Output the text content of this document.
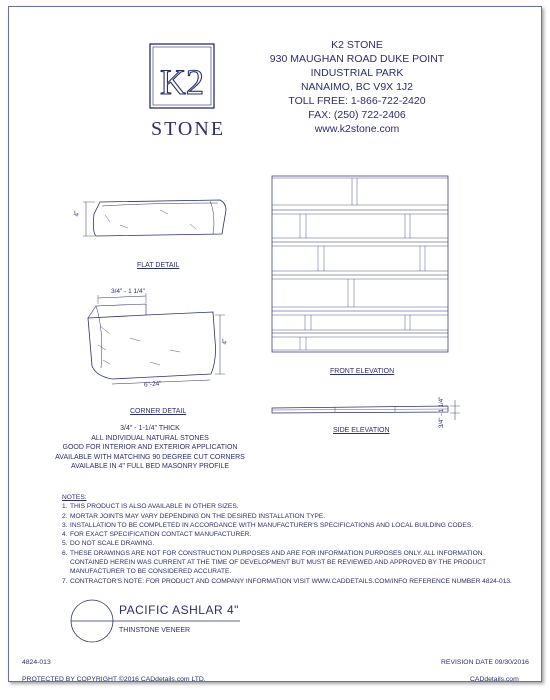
K2
STONE
K2 STONE
930 MAUGHAN ROAD DUKE POINT
INDUSTRIAL PARK
NANAIMO, BC V9X 1J2
TOLL FREE: 1-866-722-2420
FAX: (250) 722-2406
www.k2stone.com
4"
3/4" - 1 1/4"
4"
6"-24"
3/4" - 1 1/4"
FLAT DETAIL
CORNER DETAIL
FRONT ELEVATION
SIDE ELEVATION
3/4" - 1-1/4" THICK
ALL INDIVIDUAL NATURAL STONES
GOOD FOR INTERIOR AND EXTERIOR APPLICATION
AVAILABLE WITH MATCHING 90 DEGREE CUT CORNERS
AVAILABLE IN 4" FULL BED MASONRY PROFILE
NOTES:
1. THIS PRODUCT IS ALSO AVAILABLE IN OTHER SIZES.
2. MORTAR JOINTS MAY VARY DEPENDING ON THE DESIRED INSTALLATION TYPE.
3. INSTALLATION TO BE COMPLETED IN ACCORDANCE WITH MANUFACTURER'S SPECIFICATIONS AND LOCAL BUILDING CODES.
4. FOR EXACT SPECIFICATION CONTACT MANUFACTURER.
5. DO NOT SCALE DRAWING.
6. THESE DRAWINGS ARE NOT FOR CONSTRUCTION PURPOSES AND ARE FOR INFORMATION PURPOSES ONLY. ALL INFORMATION CONTAINED HEREIN WAS CURRENT AT THE TIME OF DEVELOPMENT BUT MUST BE REVIEWED AND APPROVED BY THE PRODUCT MANUFACTURER TO BE CONSIDERED ACCURATE.
7. CONTRACTOR'S NOTE: FOR PRODUCT AND COMPANY INFORMATION VISIT WWW.CADDETAILS.COM/INFO REFERENCE NUMBER 4824-013.
PACIFIC ASHLAR 4"
THINSTONE VENEER
4824-013	REVISION DATE 09/30/2016
PROTECTED BY COPYRIGHT ©2016 CADdetails.com LTD.	CADdetails.com
